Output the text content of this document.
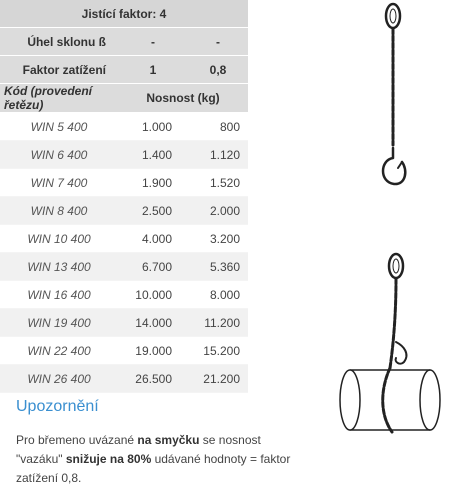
Jistící faktor: 4		
Úhel sklonu ß	-	-
Faktor zatížení	1	0,8
Kód (provedení řetězu)	Nosnost (kg)	
WIN 5 400	1.000	800
WIN 6 400	1.400	1.120
WIN 7 400	1.900	1.520
WIN 8 400	2.500	2.000
WIN 10 400	4.000	3.200
WIN 13 400	6.700	5.360
WIN 16 400	10.000	8.000
WIN 19 400	14.000	11.200
WIN 22 400	19.000	15.200
WIN 26 400	26.500	21.200
Upozornění

Pro břemeno uvázané na smyčku se nosnost "vazáku" snižuje na 80% udávané hodnoty = faktor zatížení 0,8.
